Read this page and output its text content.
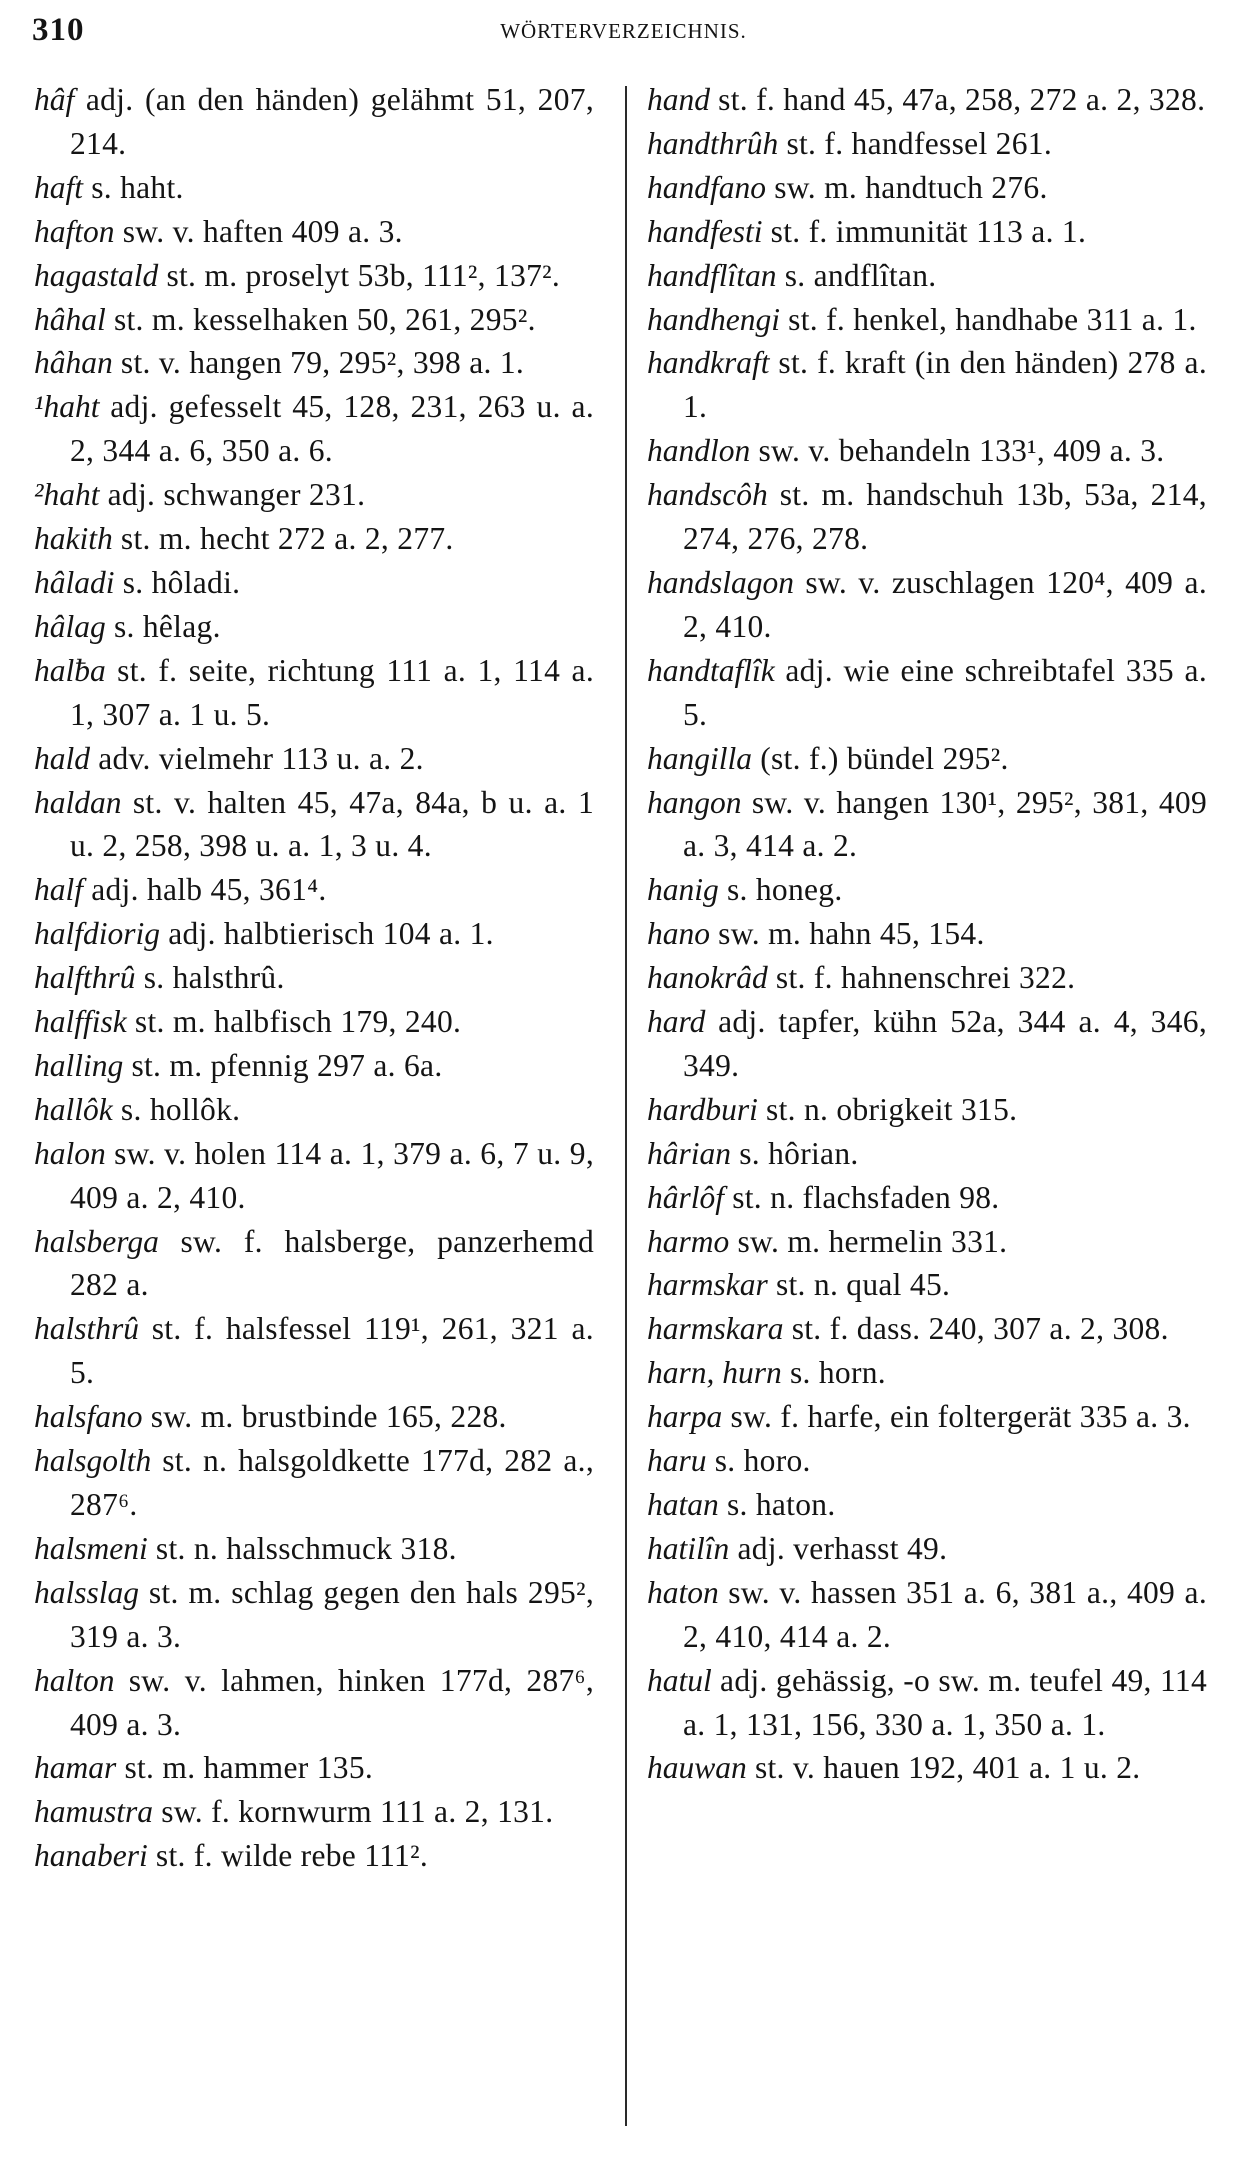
310	WÖRTERVERZEICHNIS.
hâf adj. (an den händen) gelähmt 51, 207, 214.
haft s. haht.
hafton sw. v. haften 409 a. 3.
hagastald st. m. proselyt 53b, 111², 137².
hâhal st. m. kesselhaken 50, 261, 295².
hâhan st. v. hangen 79, 295², 398 a. 1.
¹haht adj. gefesselt 45, 128, 231, 263 u. a. 2, 344 a. 6, 350 a. 6.
²haht adj. schwanger 231.
hakith st. m. hecht 272 a. 2, 277.
hâladi s. hôladi.
hâlag s. hêlag.
halƀa st. f. seite, richtung 111 a. 1, 114 a. 1, 307 a. 1 u. 5.
hald adv. vielmehr 113 u. a. 2.
haldan st. v. halten 45, 47a, 84a, b u. a. 1 u. 2, 258, 398 u. a. 1, 3 u. 4.
half adj. halb 45, 361⁴.
halfdiorig adj. halbtierisch 104 a. 1.
halfthrû s. halsthrû.
halffisk st. m. halbfisch 179, 240.
halling st. m. pfennig 297 a. 6a.
hallôk s. hollôk.
halon sw. v. holen 114 a. 1, 379 a. 6, 7 u. 9, 409 a. 2, 410.
halsberga sw. f. halsberge, panzerhemd 282 a.
halsthrû st. f. halsfessel 119¹, 261, 321 a. 5.
halsfano sw. m. brustbinde 165, 228.
halsgolth st. n. halsgoldkette 177d, 282 a., 287⁶.
halsmeni st. n. halsschmuck 318.
halsslag st. m. schlag gegen den hals 295², 319 a. 3.
halton sw. v. lahmen, hinken 177d, 287⁶, 409 a. 3.
hamar st. m. hammer 135.
hamustra sw. f. kornwurm 111 a. 2, 131.
hanaberi st. f. wilde rebe 111².
hand st. f. hand 45, 47a, 258, 272 a. 2, 328.
handthrûh st. f. handfessel 261.
handfano sw. m. handtuch 276.
handfesti st. f. immunität 113 a. 1.
handflîtan s. andflîtan.
handhengi st. f. henkel, handhabe 311 a. 1.
handkraft st. f. kraft (in den händen) 278 a. 1.
handlon sw. v. behandeln 133¹, 409 a. 3.
handscôh st. m. handschuh 13b, 53a, 214, 274, 276, 278.
handslagon sw. v. zuschlagen 120⁴, 409 a. 2, 410.
handtaflîk adj. wie eine schreibtafel 335 a. 5.
hangilla (st. f.) bündel 295².
hangon sw. v. hangen 130¹, 295², 381, 409 a. 3, 414 a. 2.
hanig s. honeg.
hano sw. m. hahn 45, 154.
hanokrâd st. f. hahnenschrei 322.
hard adj. tapfer, kühn 52a, 344 a. 4, 346, 349.
hardburi st. n. obrigkeit 315.
hârian s. hôrian.
hârlôf st. n. flachsfaden 98.
harmo sw. m. hermelin 331.
harmskar st. n. qual 45.
harmskara st. f. dass. 240, 307 a. 2, 308.
harn, hurn s. horn.
harpa sw. f. harfe, ein foltergerät 335 a. 3.
haru s. horo.
hatan s. haton.
hatilîn adj. verhasst 49.
haton sw. v. hassen 351 a. 6, 381 a., 409 a. 2, 410, 414 a. 2.
hatul adj. gehässig, -o sw. m. teufel 49, 114 a. 1, 131, 156, 330 a. 1, 350 a. 1.
hauwan st. v. hauen 192, 401 a. 1 u. 2.
